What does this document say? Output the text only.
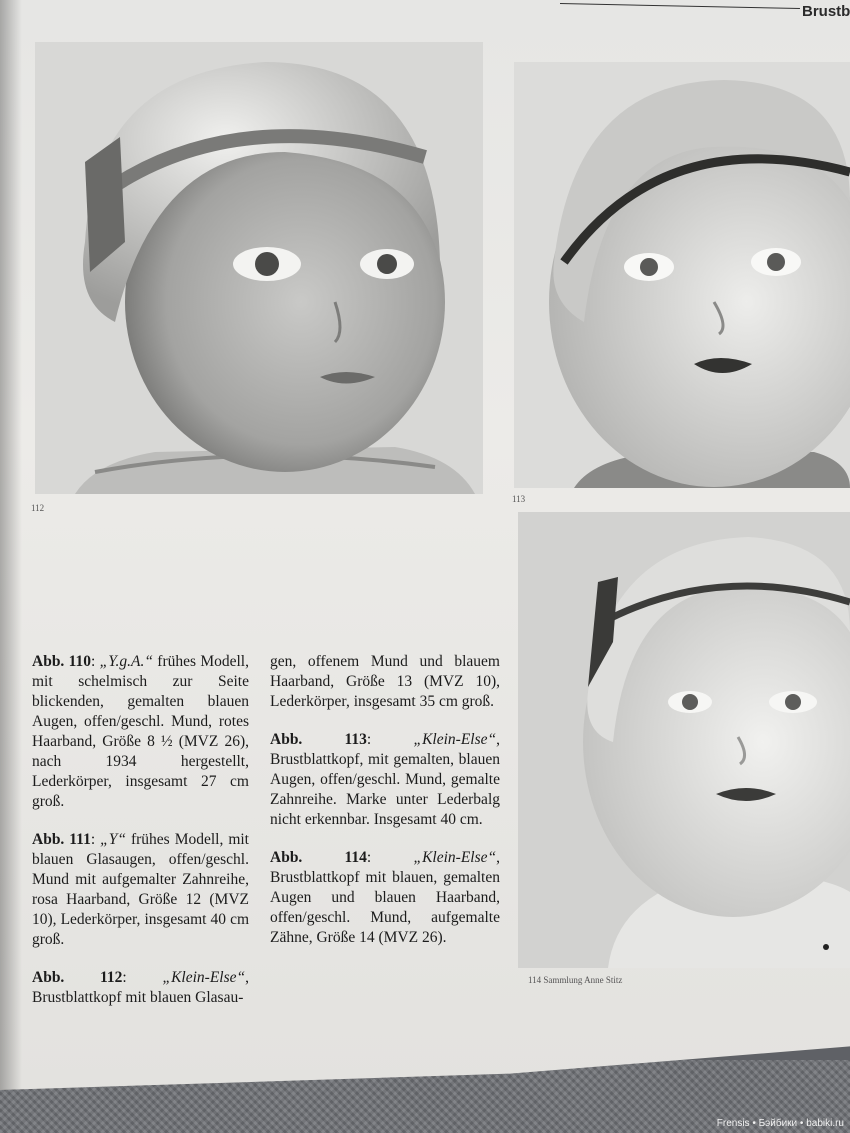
Brustb
112
113
114 Sammlung Anne Stitz

Abb. 110: „Y.g.A.“ frühes Modell, mit schelmisch zur Seite blickenden, gemalten blauen Augen, offen/geschl. Mund, rotes Haarband, Größe 8 ½ (MVZ 26), nach 1934 hergestellt, Lederkörper, insgesamt 27 cm groß.

Abb. 111: „Y“ frühes Modell, mit blauen Glasaugen, offen/geschl. Mund mit aufgemalter Zahnreihe, rosa Haarband, Größe 12 (MVZ 10), Lederkörper, insgesamt 40 cm groß.

Abb. 112: „Klein-Else“, Brustblattkopf mit blauen Glasau-

gen, offenem Mund und blauem Haarband, Größe 13 (MVZ 10), Lederkörper, insgesamt 35 cm groß.

Abb. 113: „Klein-Else“, Brustblattkopf, mit gemalten, blauen Augen, offen/geschl. Mund, gemalte Zahnreihe. Marke unter Lederbalg nicht erkennbar. Insgesamt 40 cm.

Abb. 114: „Klein-Else“, Brustblattkopf mit blauen, gemalten Augen und blauen Haarband, offen/geschl. Mund, aufgemalte Zähne, Größe 14 (MVZ 26).

Frensis • Бэйбики • babiki.ru
